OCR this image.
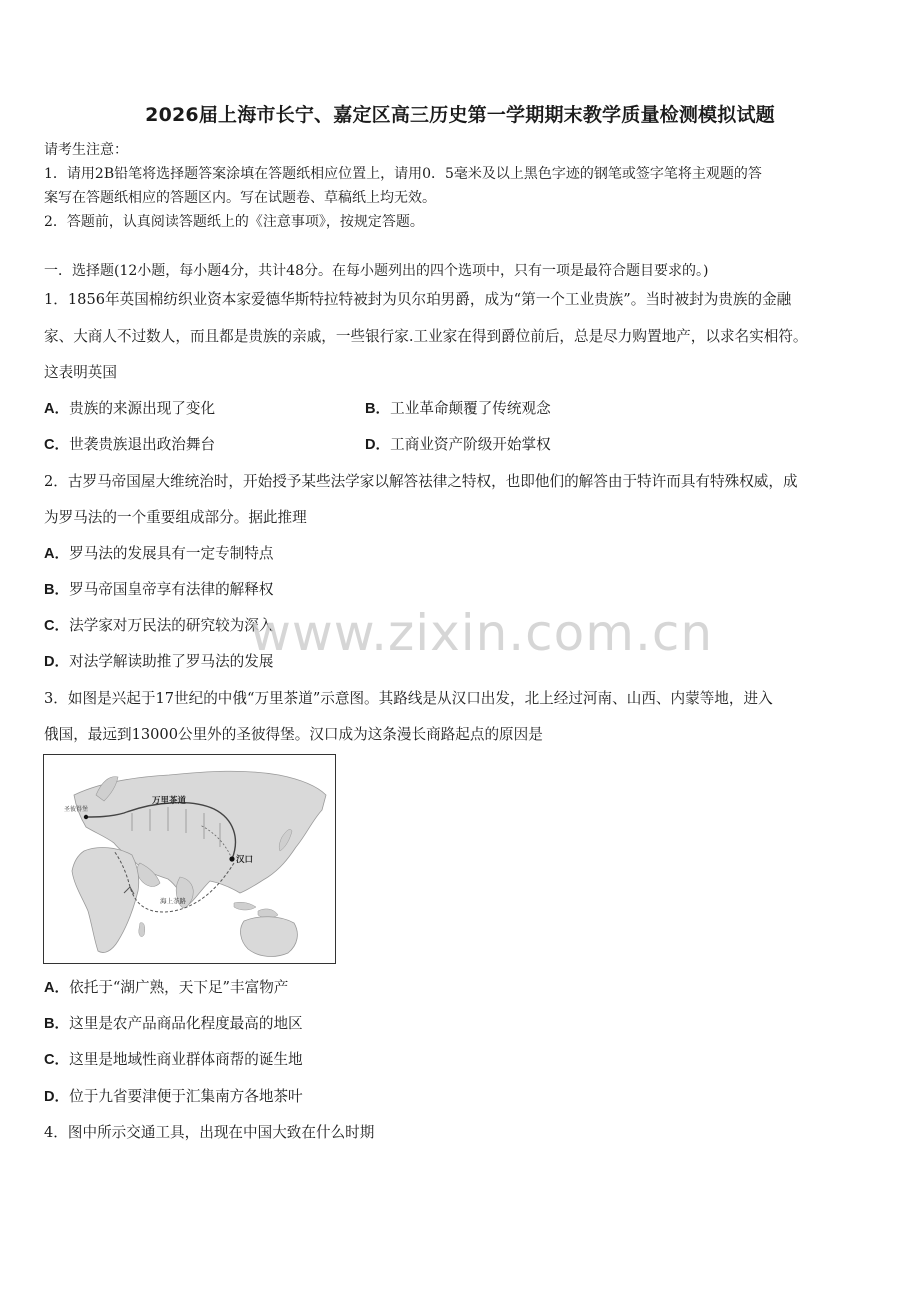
2026届上海市长宁、嘉定区高三历史第一学期期末教学质量检测模拟试题
请考生注意：
1．请用2B铅笔将选择题答案涂填在答题纸相应位置上，请用0．5毫米及以上黑色字迹的钢笔或签字笔将主观题的答
案写在答题纸相应的答题区内。写在试题卷、草稿纸上均无效。
2．答题前，认真阅读答题纸上的《注意事项》，按规定答题。
一．选择题(12小题，每小题4分，共计48分。在每小题列出的四个选项中，只有一项是最符合题目要求的。)
1．1856年英国棉纺织业资本家爱德华斯特拉特被封为贝尔珀男爵，成为“第一个工业贵族”。当时被封为贵族的金融
家、大商人不过数人，而且都是贵族的亲戚，一些银行家.工业家在得到爵位前后，总是尽力购置地产，以求名实相符。
这表明英国
A．贵族的来源出现了变化	B．工业革命颠覆了传统观念
C．世袭贵族退出政治舞台	D．工商业资产阶级开始掌权
2．古罗马帝国屋大维统治时，开始授予某些法学家以解答祛律之特权，也即他们的解答由于特许而具有特殊权威，成
为罗马法的一个重要组成部分。据此推理
A．罗马法的发展具有一定专制特点
B．罗马帝国皇帝享有法律的解释权
C．法学家对万民法的研究较为深入
D．对法学解读助推了罗马法的发展
www.zixin.com.cn
3．如图是兴起于17世纪的中俄“万里茶道”示意图。其路线是从汉口出发，北上经过河南、山西、内蒙等地，进入
俄国，最远到13000公里外的圣彼得堡。汉口成为这条漫长商路起点的原因是
万里茶道
汉口
海上茶路
圣彼得堡
A．依托于“湖广熟，天下足”丰富物产
B．这里是农产品商品化程度最高的地区
C．这里是地域性商业群体商帮的诞生地
D．位于九省要津便于汇集南方各地茶叶
4．图中所示交通工具，出现在中国大致在什么时期
